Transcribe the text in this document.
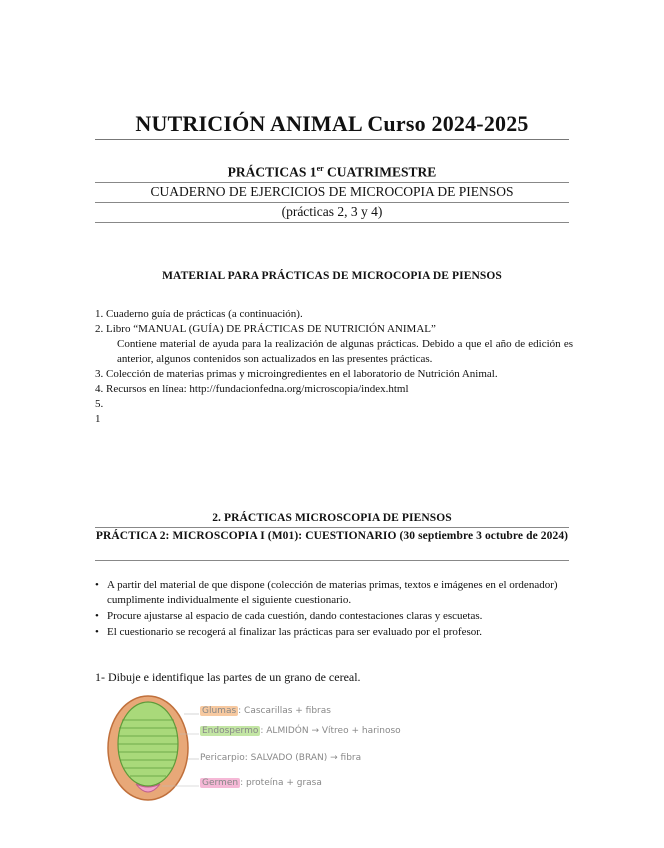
NUTRICIÓN ANIMAL Curso 2024-2025
PRÁCTICAS 1er CUATRIMESTRE
CUADERNO DE EJERCICIOS DE MICROCOPIA DE PIENSOS
(prácticas 2, 3 y 4)
MATERIAL PARA PRÁCTICAS DE MICROCOPIA DE PIENSOS

1. Cuaderno guía de prácticas (a continuación).

2. Libro “MANUAL (GUÍA) DE PRÁCTICAS DE NUTRICIÓN ANIMAL”

Contiene material de ayuda para la realización de algunas prácticas. Debido a que el año de edición es anterior, algunos contenidos son actualizados en las presentes prácticas.

3. Colección de materias primas y microingredientes en el laboratorio de Nutrición Animal.

4. Recursos en línea: http://fundacionfedna.org/microscopia/index.html

5.

1

2. PRÁCTICAS MICROSCOPIA DE PIENSOS
PRÁCTICA 2: MICROSCOPIA I (M01): CUESTIONARIO (30 septiembre 3 octubre de 2024)
• A partir del material de que dispone (colección de materias primas, textos e imágenes en el ordenador) cumplimente individualmente el siguiente cuestionario.
• Procure ajustarse al espacio de cada cuestión, dando contestaciones claras y escuetas.
• El cuestionario se recogerá al finalizar las prácticas para ser evaluado por el profesor.
1- Dibuje e identifique las partes de un grano de cereal.
Glumas : Cascarillas + fibras
Endospermo : ALMIDÓN → Vítreo + harinoso
Pericarpio: SALVADO (BRAN) → fibra
Germen : proteína + grasa
